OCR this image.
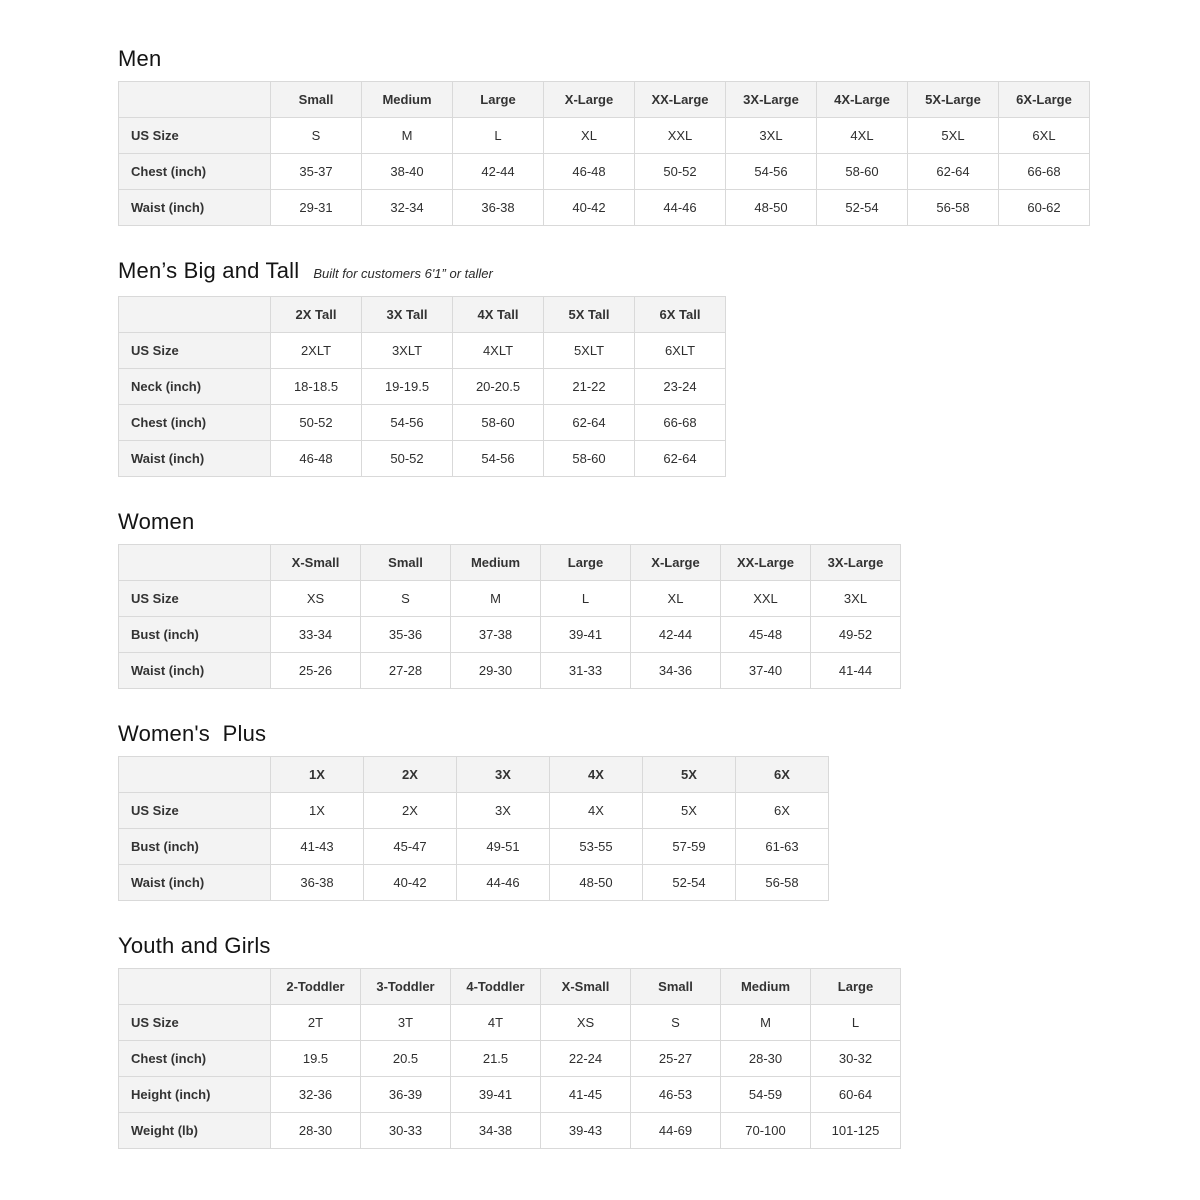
Men
	Small	Medium	Large	X-Large	XX-Large	3X-Large	4X-Large	5X-Large	6X-Large
US Size	S	M	L	XL	XXL	3XL	4XL	5XL	6XL
Chest (inch)	35-37	38-40	42-44	46-48	50-52	54-56	58-60	62-64	66-68
Waist (inch)	29-31	32-34	36-38	40-42	44-46	48-50	52-54	56-58	60-62
Men’s Big and Tall Built for customers 6'1” or taller
	2X Tall	3X Tall	4X Tall	5X Tall	6X Tall
US Size	2XLT	3XLT	4XLT	5XLT	6XLT
Neck (inch)	18-18.5	19-19.5	20-20.5	21-22	23-24
Chest (inch)	50-52	54-56	58-60	62-64	66-68
Waist (inch)	46-48	50-52	54-56	58-60	62-64
Women
	X-Small	Small	Medium	Large	X-Large	XX-Large	3X-Large
US Size	XS	S	M	L	XL	XXL	3XL
Bust (inch)	33-34	35-36	37-38	39-41	42-44	45-48	49-52
Waist (inch)	25-26	27-28	29-30	31-33	34-36	37-40	41-44
Women's  Plus
	1X	2X	3X	4X	5X	6X
US Size	1X	2X	3X	4X	5X	6X
Bust (inch)	41-43	45-47	49-51	53-55	57-59	61-63
Waist (inch)	36-38	40-42	44-46	48-50	52-54	56-58
Youth and Girls
	2-Toddler	3-Toddler	4-Toddler	X-Small	Small	Medium	Large
US Size	2T	3T	4T	XS	S	M	L
Chest (inch)	19.5	20.5	21.5	22-24	25-27	28-30	30-32
Height (inch)	32-36	36-39	39-41	41-45	46-53	54-59	60-64
Weight (lb)	28-30	30-33	34-38	39-43	44-69	70-100	101-125
